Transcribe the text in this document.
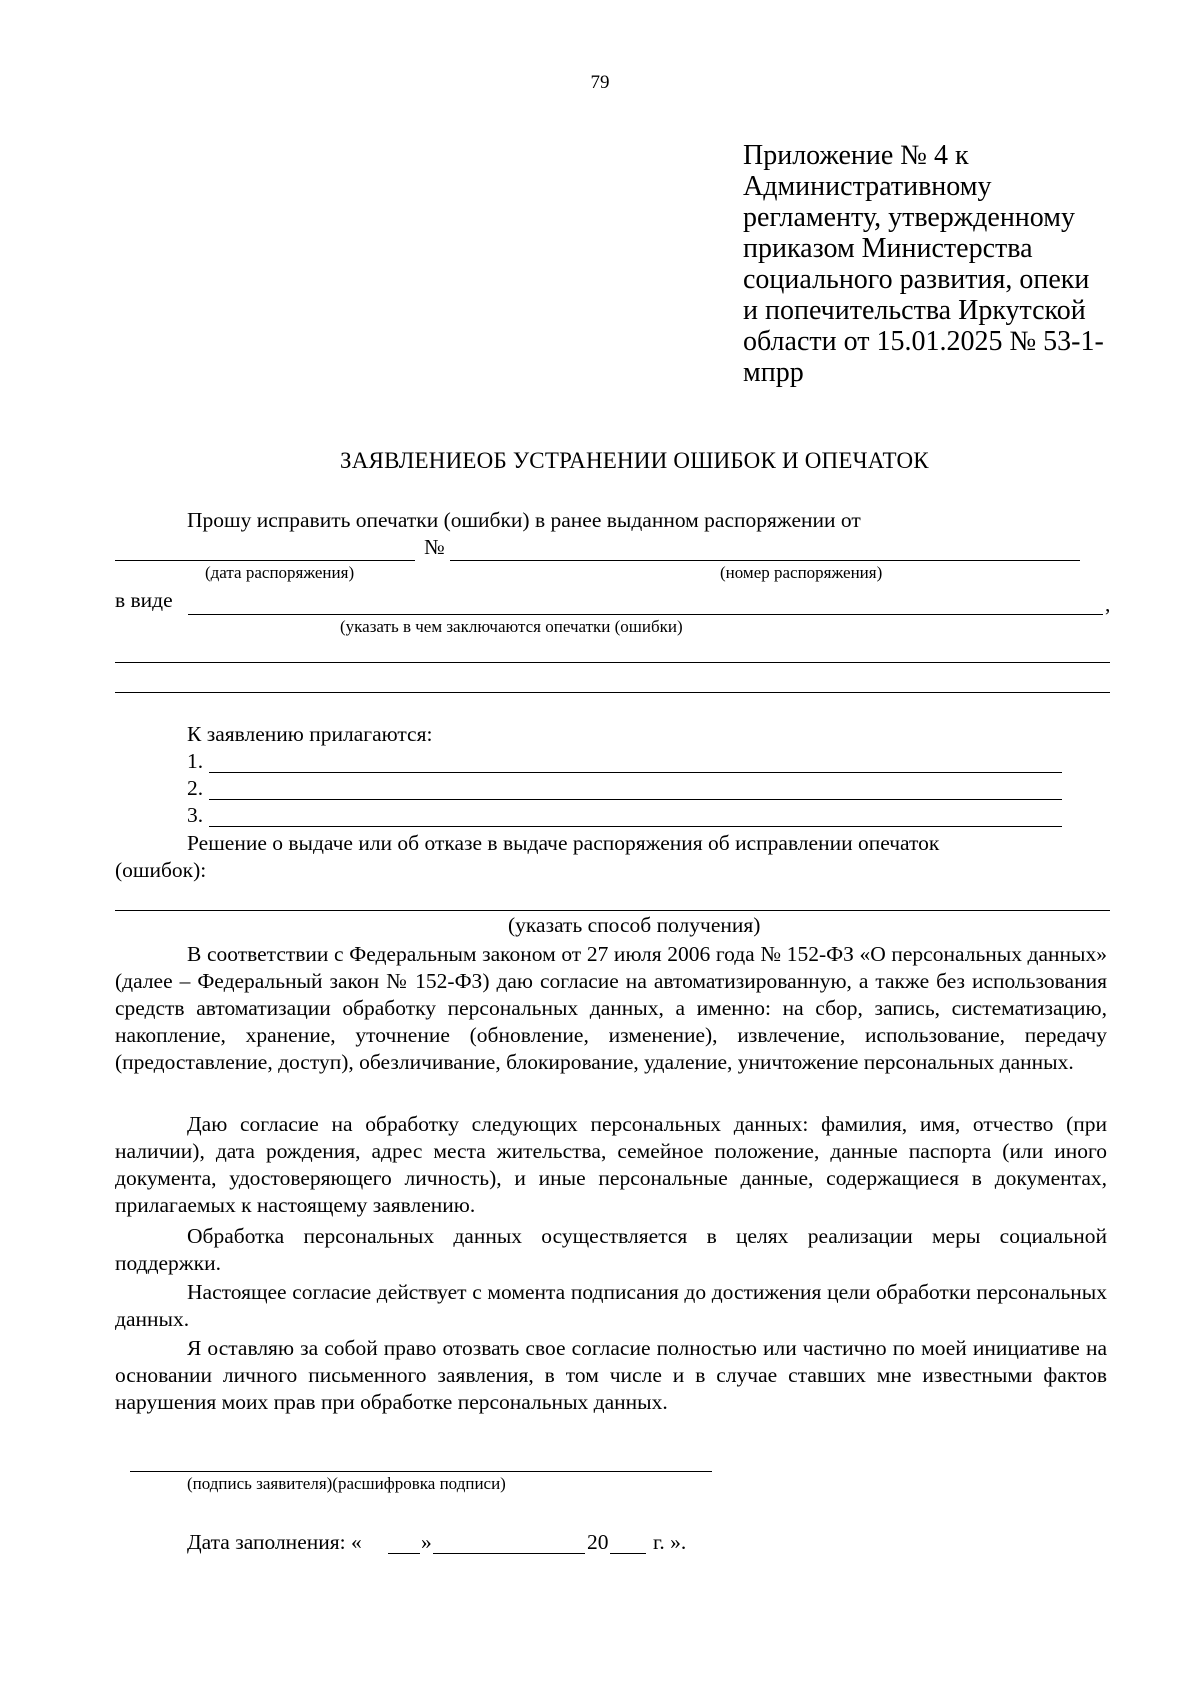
79
Приложение № 4 к
Административному
регламенту, утвержденному
приказом Министерства
социального развития, опеки
и попечительства Иркутской
области от 15.01.2025 № 53-1-
мпрр
ЗАЯВЛЕНИЕОБ УСТРАНЕНИИ ОШИБОК И ОПЕЧАТОК
Прошу исправить опечатки (ошибки) в ранее выданном распоряжении от
№
(дата распоряжения)	(номер распоряжения)
в виде	,
(указать в чем заключаются опечатки (ошибки)
К заявлению прилагаются:
1.
2.
3.
Решение о выдаче или об отказе в выдаче распоряжения об исправлении опечаток
(ошибок):
(указать способ получения)
В соответствии с Федеральным законом от 27 июля 2006 года № 152-ФЗ «О персональных данных» (далее – Федеральный закон № 152-ФЗ) даю согласие на автоматизированную, а также без использования средств автоматизации обработку персональных данных, а именно: на сбор, запись, систематизацию, накопление, хранение, уточнение (обновление, изменение), извлечение, использование, передачу (предоставление, доступ), обезличивание, блокирование, удаление, уничтожение персональных данных.
Даю согласие на обработку следующих персональных данных: фамилия, имя, отчество (при наличии), дата рождения, адрес места жительства, семейное положение, данные паспорта (или иного документа, удостоверяющего личность), и иные персональные данные, содержащиеся в документах, прилагаемых к настоящему заявлению.
Обработка персональных данных осуществляется в целях реализации меры социальной поддержки.
Настоящее согласие действует с момента подписания до достижения цели обработки персональных данных.
Я оставляю за собой право отозвать свое согласие полностью или частично по моей инициативе на основании личного письменного заявления, в том числе и в случае ставших мне известными фактов нарушения моих прав при обработке персональных данных.
(подпись заявителя)(расшифровка подписи)
Дата заполнения: «	»	20 г. ».
